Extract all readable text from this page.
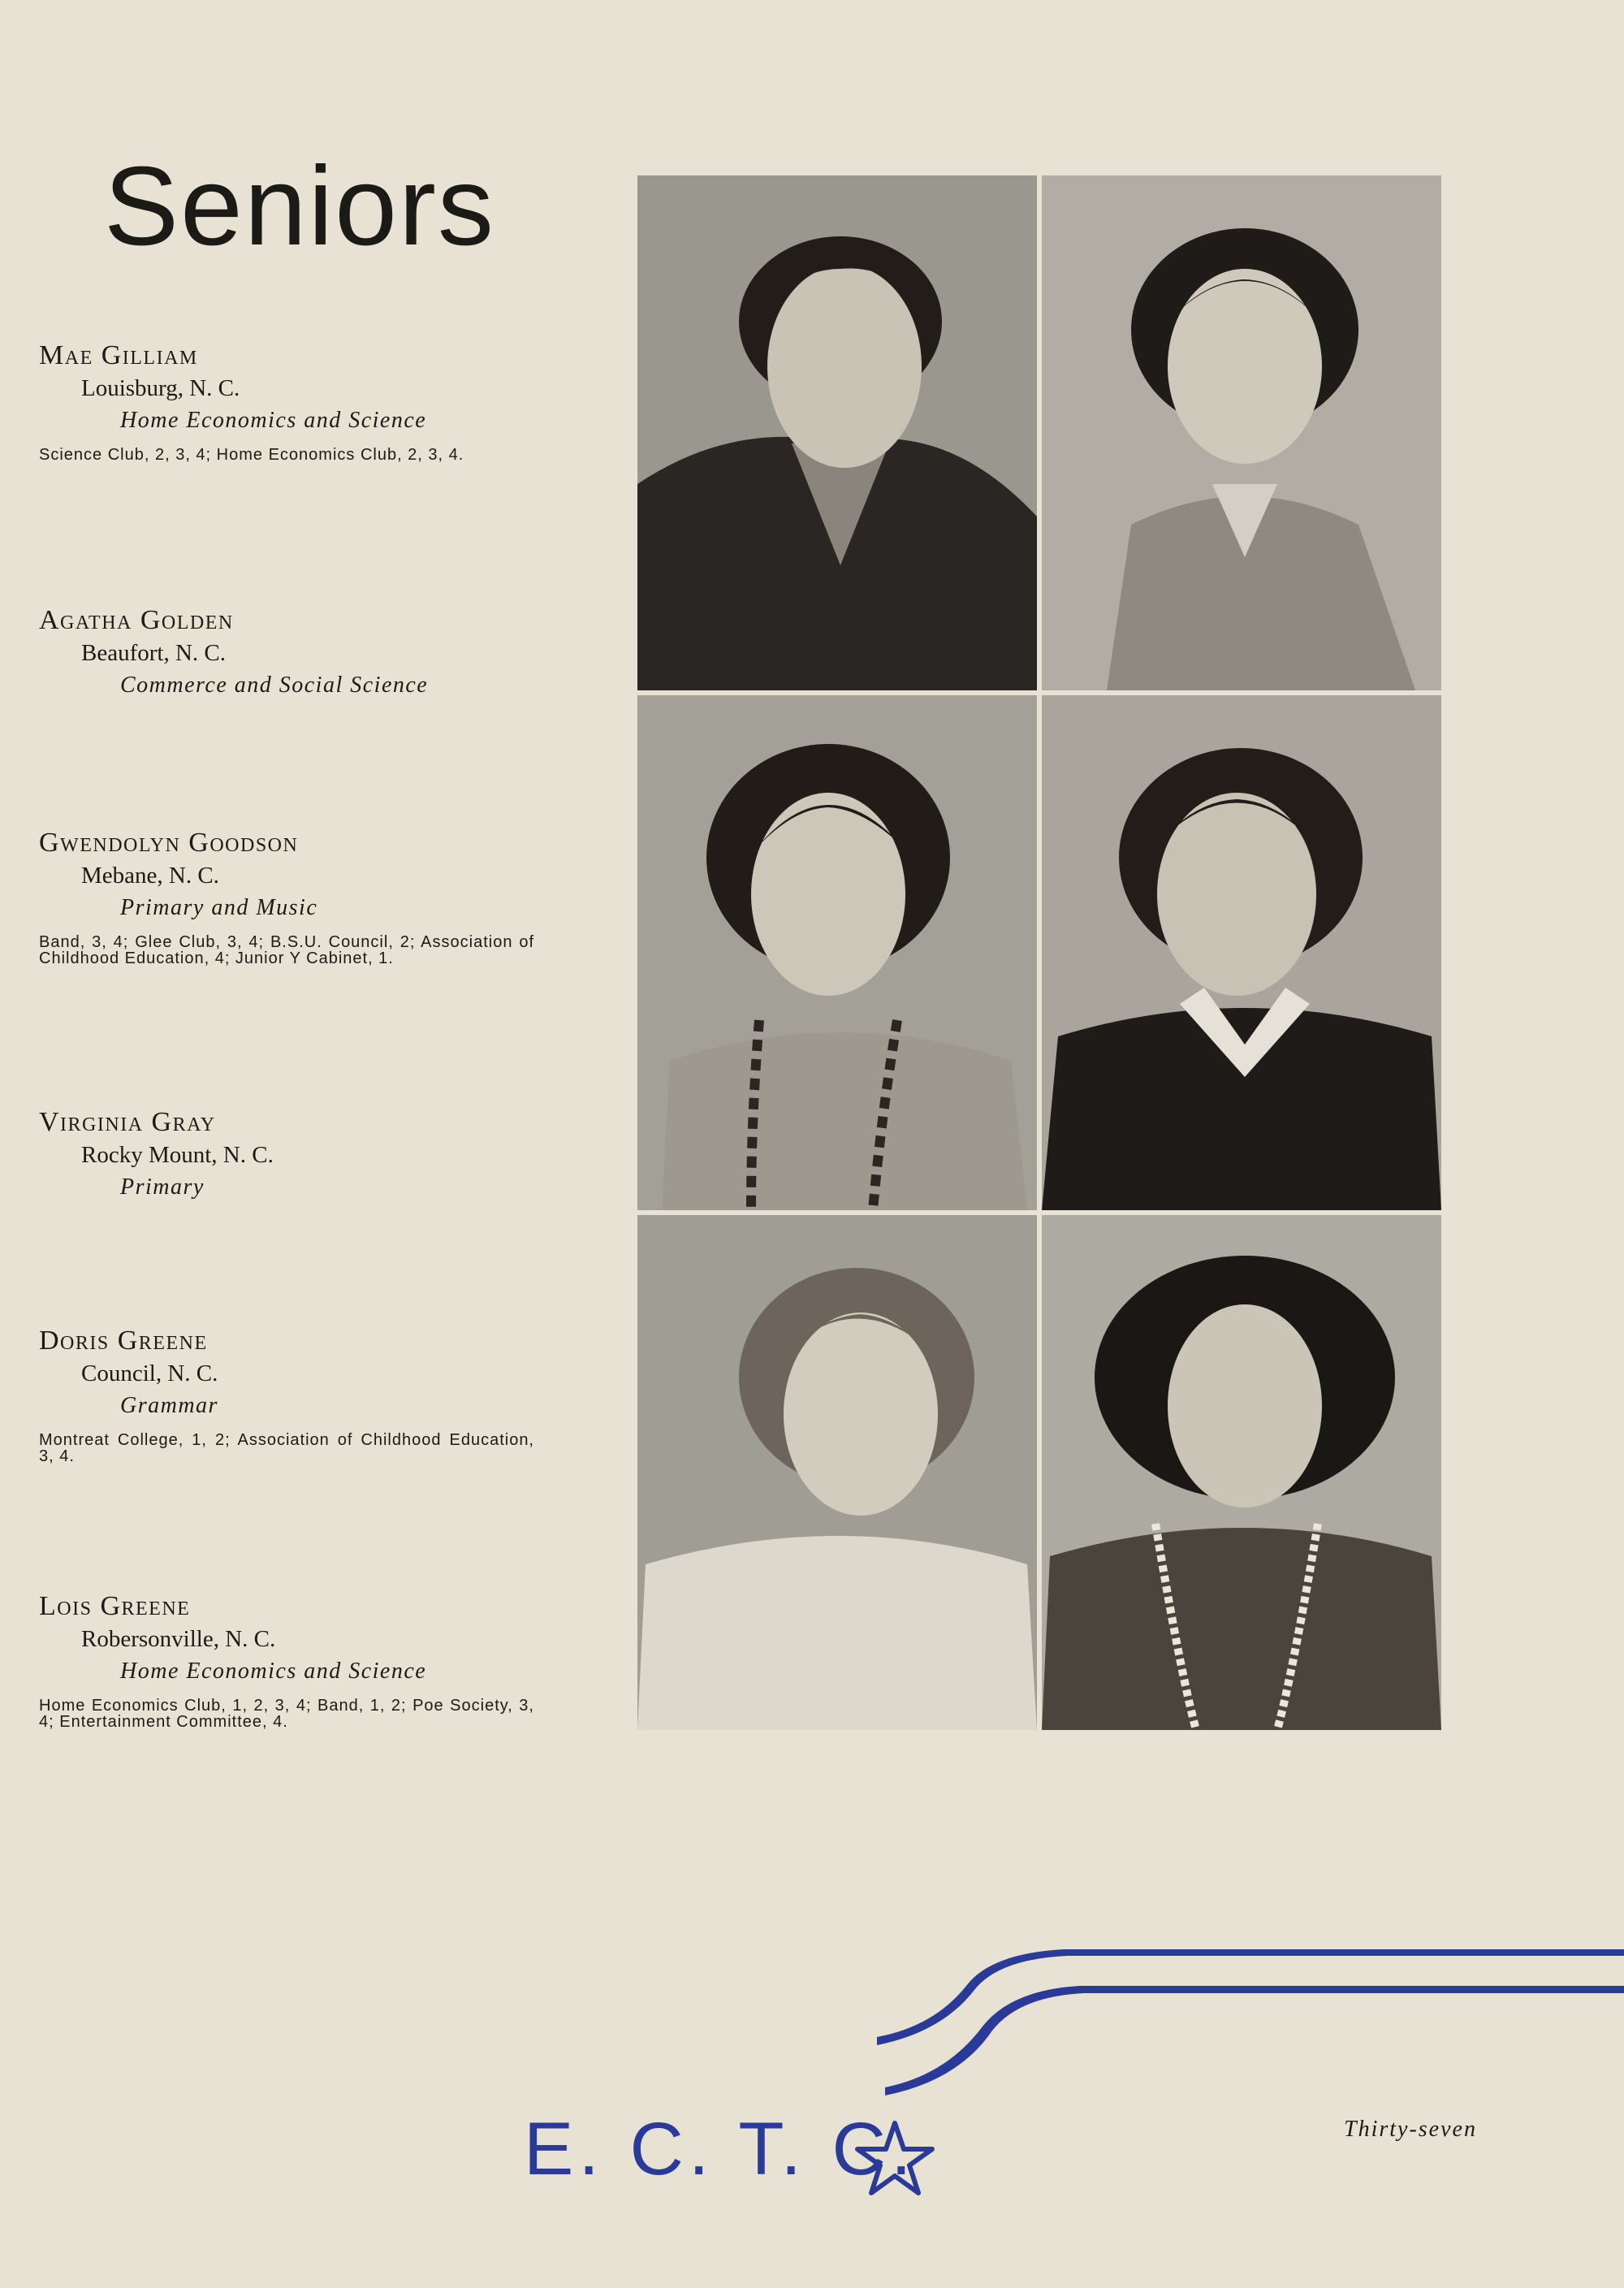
Seniors
Mae Gilliam
Louisburg, N. C.
Home Economics and Science
Science Club, 2, 3, 4; Home Economics Club, 2, 3, 4.
Agatha Golden
Beaufort, N. C.
Commerce and Social Science
Gwendolyn Goodson
Mebane, N. C.
Primary and Music
Band, 3, 4; Glee Club, 3, 4; B.S.U. Council, 2; Association of Childhood Education, 4; Junior Y Cabinet, 1.
Virginia Gray
Rocky Mount, N. C.
Primary
Doris Greene
Council, N. C.
Grammar
Montreat College, 1, 2; Association of Childhood Education, 3, 4.
Lois Greene
Robersonville, N. C.
Home Economics and Science
Home Economics Club, 1, 2, 3, 4; Band, 1, 2; Poe Society, 3, 4; Entertainment Committee, 4.
E. C. T. C.	Thirty-seven
